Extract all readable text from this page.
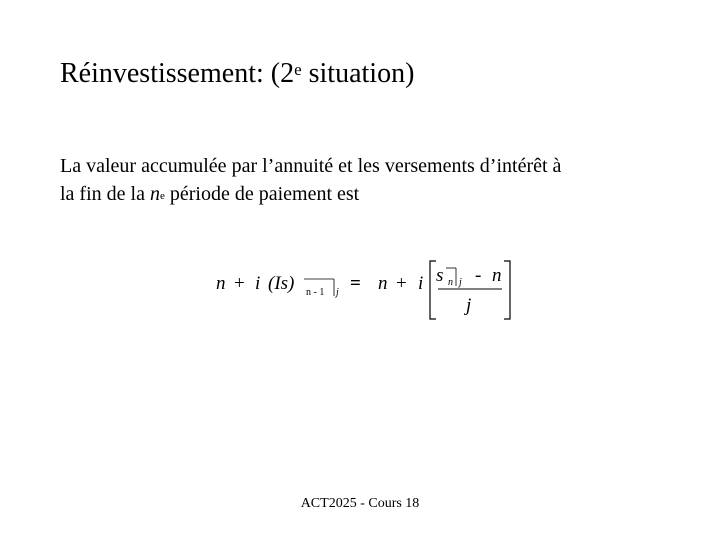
Réinvestissement: (2e situation)
La valeur accumulée par l’annuité et les versements d’intérêt à
la fin de la $n^e$ période de paiement est
n + i (Is) n - 1 j = n + i s n j - n
j
ACT2025 - Cours 18
